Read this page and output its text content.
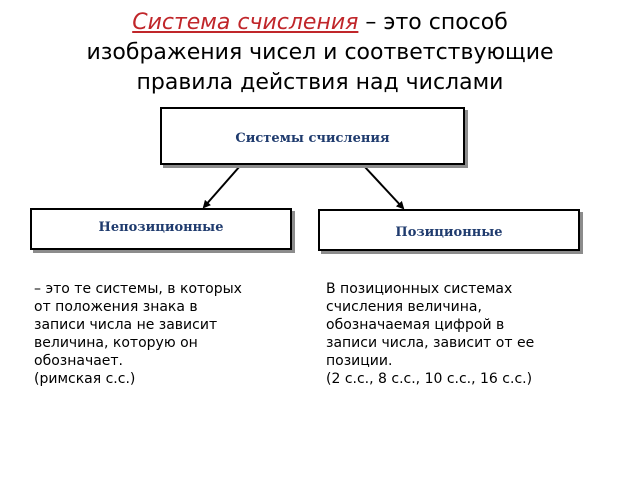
Система счисления – это способ
изображения чисел и соответствующие
правила действия над числами
Системы счисления
Непозиционные	Позиционные
– это те системы, в которых
от положения знака в
записи числа не зависит
величина, которую он
обозначает.
(римская с.с.)
В позиционных системах
счисления величина,
обозначаемая цифрой в
записи числа, зависит от ее
позиции.
(2 с.с., 8 с.с., 10 с.с., 16 с.с.)
